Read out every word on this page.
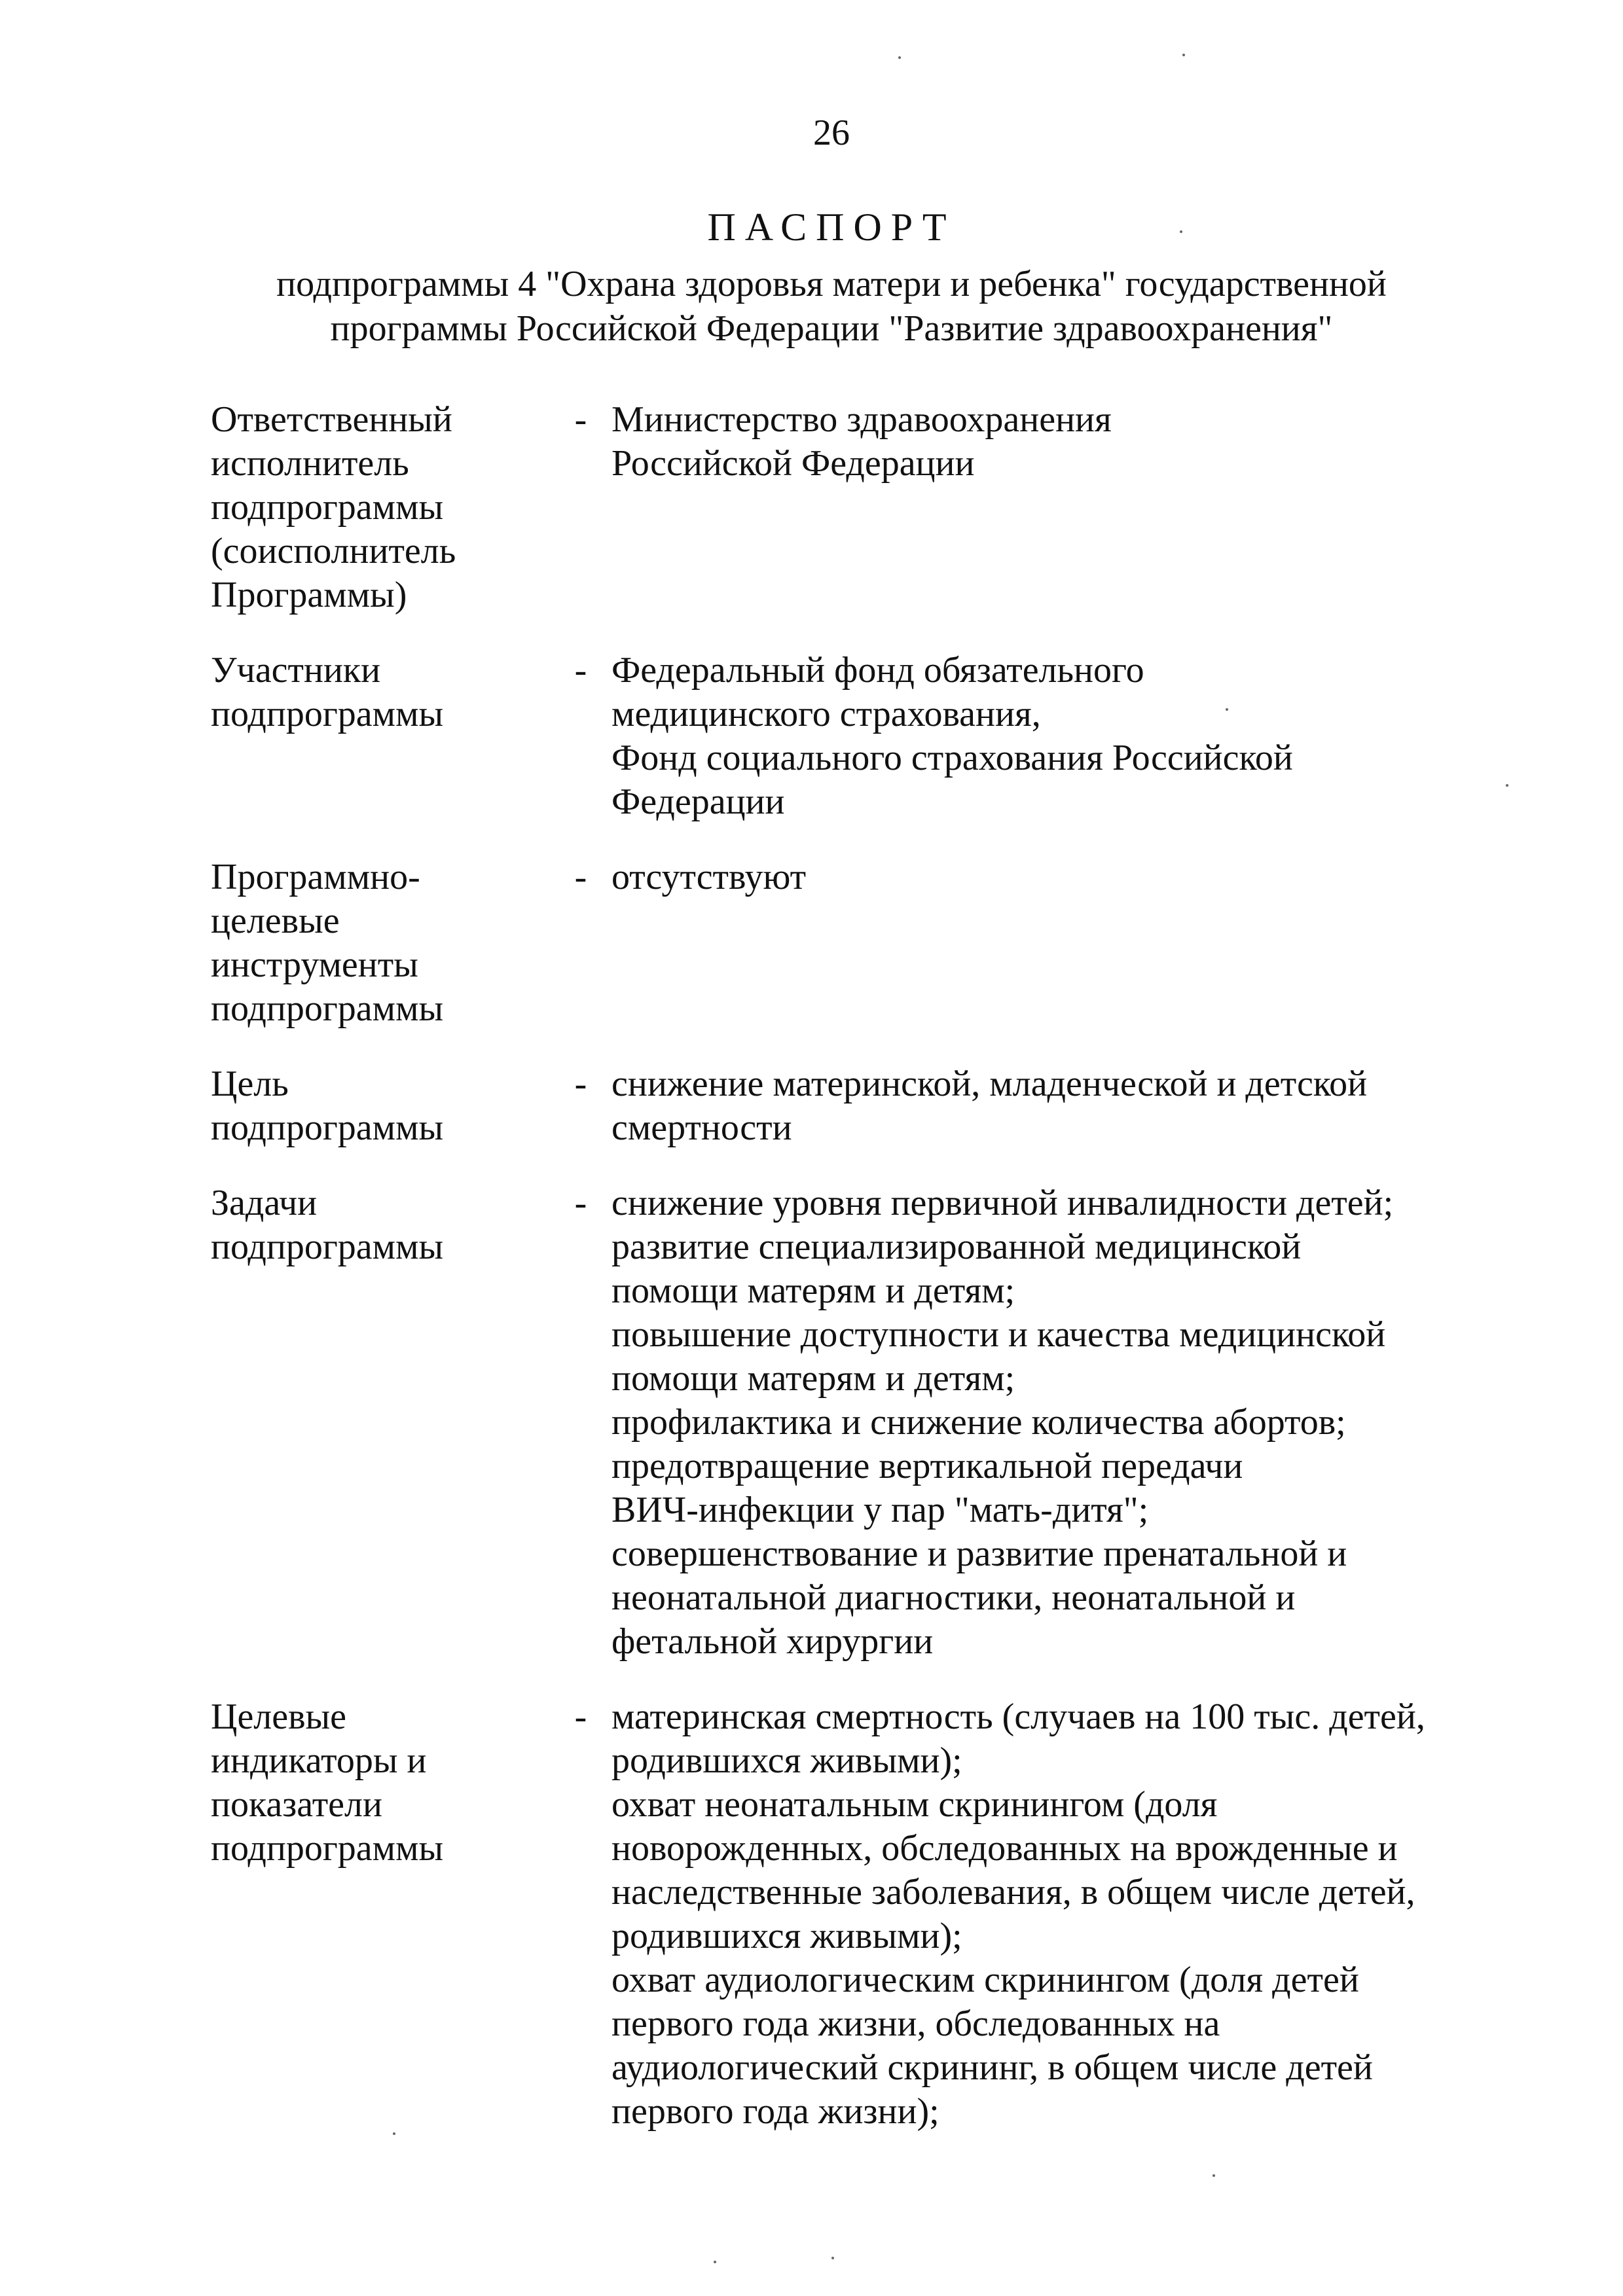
26
ПАСПОРТ
подпрограммы 4 "Охрана здоровья матери и ребенка" государственной
программы Российской Федерации "Развитие здравоохранения"
Ответственный
исполнитель
подпрограммы
(соисполнитель
Программы)
- Министерство здравоохранения
Российской Федерации
Участники
подпрограммы
- Федеральный фонд обязательного
медицинского страхования,
Фонд социального страхования Российской
Федерации
Программно-
целевые
инструменты
подпрограммы
- отсутствуют
Цель
подпрограммы
- снижение материнской, младенческой и детской
смертности
Задачи
подпрограммы
- снижение уровня первичной инвалидности детей;
развитие специализированной медицинской
помощи матерям и детям;
повышение доступности и качества медицинской
помощи матерям и детям;
профилактика и снижение количества абортов;
предотвращение вертикальной передачи
ВИЧ-инфекции у пар "мать-дитя";
совершенствование и развитие пренатальной и
неонатальной диагностики, неонатальной и
фетальной хирургии
Целевые
индикаторы и
показатели
подпрограммы
- материнская смертность (случаев на 100 тыс. детей,
родившихся живыми);
охват неонатальным скринингом (доля
новорожденных, обследованных на врожденные и
наследственные заболевания, в общем числе детей,
родившихся живыми);
охват аудиологическим скринингом (доля детей
первого года жизни, обследованных на
аудиологический скрининг, в общем числе детей
первого года жизни);
